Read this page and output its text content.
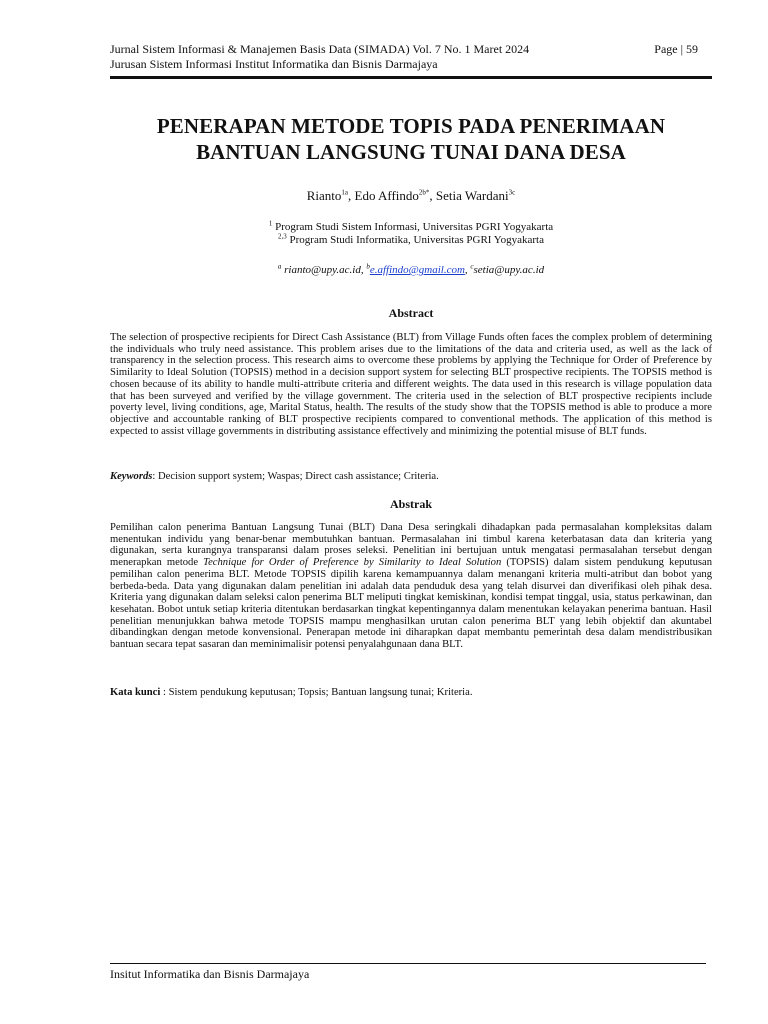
Jurnal Sistem Informasi & Manajemen Basis Data (SIMADA) Vol. 7 No. 1 Maret 2024
Jurusan Sistem Informasi Institut Informatika dan Bisnis Darmajaya
Page | 59
PENERAPAN METODE TOPIS PADA PENERIMAAN
BANTUAN LANGSUNG TUNAI DANA DESA
Rianto$^{1a}$, Edo Affindo$^{2b*}$, Setia Wardani$^{3c}$
$^1$ Program Studi Sistem Informasi, Universitas PGRI Yogyakarta
$^{2,3}$ Program Studi Informatika, Universitas PGRI Yogyakarta
$^a$ rianto@upy.ac.id, $^b$e.affindo@gmail.com, $^c$setia@upy.ac.id
Abstract
The selection of prospective recipients for Direct Cash Assistance (BLT) from Village Funds often faces the complex problem of determining the individuals who truly need assistance. This problem arises due to the limitations of the data and criteria used, as well as the lack of transparency in the selection process. This research aims to overcome these problems by applying the Technique for Order of Preference by Similarity to Ideal Solution (TOPSIS) method in a decision support system for selecting BLT prospective recipients. The TOPSIS method is chosen because of its ability to handle multi-attribute criteria and different weights. The data used in this research is village population data that has been surveyed and verified by the village government. The criteria used in the selection of BLT prospective recipients include poverty level, living conditions, age, Marital Status, health. The results of the study show that the TOPSIS method is able to produce a more objective and accountable ranking of BLT prospective recipients compared to conventional methods. The application of this method is expected to assist village governments in distributing assistance effectively and minimizing the potential misuse of BLT funds.
Keywords: Decision support system; Waspas; Direct cash assistance; Criteria.
Abstrak
Pemilihan calon penerima Bantuan Langsung Tunai (BLT) Dana Desa seringkali dihadapkan pada permasalahan kompleksitas dalam menentukan individu yang benar-benar membutuhkan bantuan. Permasalahan ini timbul karena keterbatasan data dan kriteria yang digunakan, serta kurangnya transparansi dalam proses seleksi. Penelitian ini bertujuan untuk mengatasi permasalahan tersebut dengan menerapkan metode Technique for Order of Preference by Similarity to Ideal Solution (TOPSIS) dalam sistem pendukung keputusan pemilihan calon penerima BLT. Metode TOPSIS dipilih karena kemampuannya dalam menangani kriteria multi-atribut dan bobot yang berbeda-beda. Data yang digunakan dalam penelitian ini adalah data penduduk desa yang telah disurvei dan diverifikasi oleh pihak desa. Kriteria yang digunakan dalam seleksi calon penerima BLT meliputi tingkat kemiskinan, kondisi tempat tinggal, usia, status perkawinan, dan kesehatan. Bobot untuk setiap kriteria ditentukan berdasarkan tingkat kepentingannya dalam menentukan kelayakan penerima bantuan. Hasil penelitian menunjukkan bahwa metode TOPSIS mampu menghasilkan urutan calon penerima BLT yang lebih objektif dan akuntabel dibandingkan dengan metode konvensional. Penerapan metode ini diharapkan dapat membantu pemerintah desa dalam mendistribusikan bantuan secara tepat sasaran dan meminimalisir potensi penyalahgunaan dana BLT.
Kata kunci : Sistem pendukung keputusan; Topsis; Bantuan langsung tunai; Kriteria.
Insitut Informatika dan Bisnis Darmajaya
